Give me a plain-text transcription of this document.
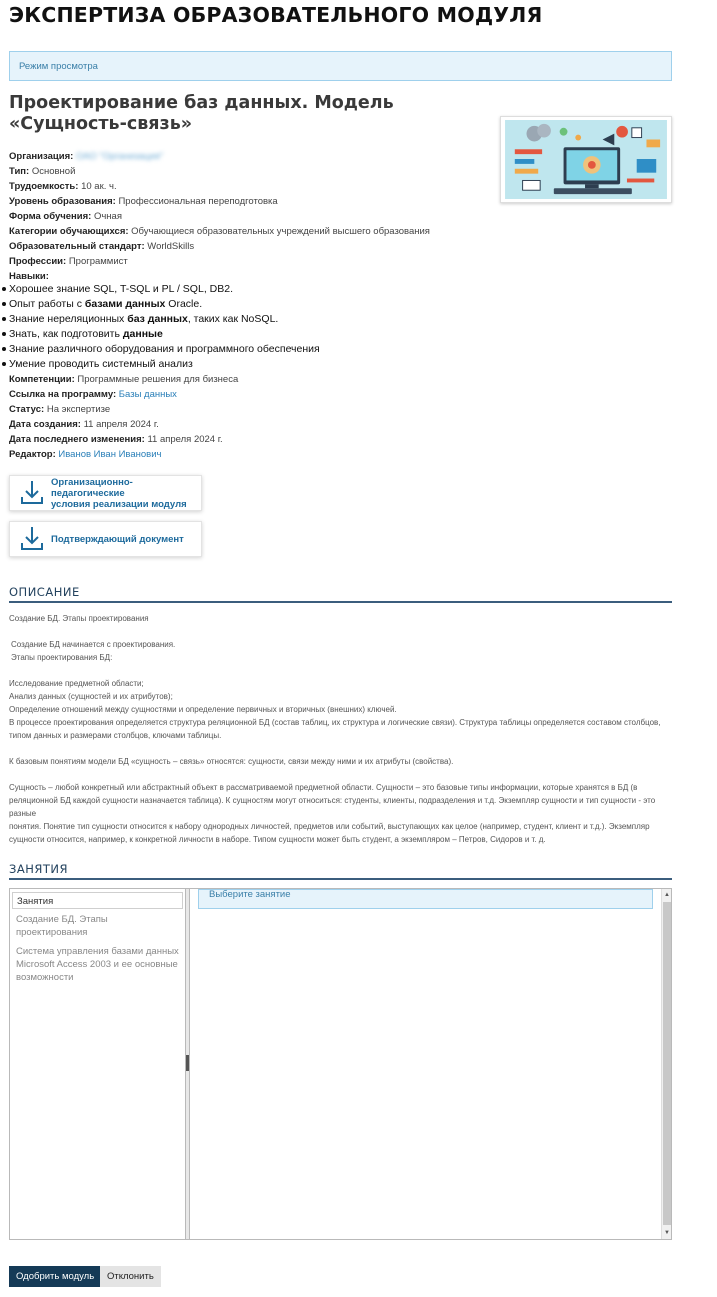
ЭКСПЕРТИЗА ОБРАЗОВАТЕЛЬНОГО МОДУЛЯ
Режим просмотра
Проектирование баз данных. Модель
«Сущность-связь»
Организация: ОАО "Организация"
Тип: Основной
Трудоемкость: 10 ак. ч.
Уровень образования: Профессиональная переподготовка
Форма обучения: Очная
Категории обучающихся: Обучающиеся образовательных учреждений высшего образования
Образовательный стандарт: WorldSkills
Профессии: Программист
Навыки:
Хорошее знание SQL, T-SQL и PL / SQL, DB2.
Опыт работы с базами данных Oracle.
Знание нереляционных баз данных, таких как NoSQL.
Знать, как подготовить данные
Знание различного оборудования и программного обеспечения
Умение проводить системный анализ
Компетенции: Программные решения для бизнеса
Ссылка на программу: Базы данных
Статус: На экспертизе
Дата создания: 11 апреля 2024 г.
Дата последнего изменения: 11 апреля 2024 г.
Редактор: Иванов Иван Иванович
Организационно-педагогические
условия реализации модуля
Подтверждающий документ
ОПИСАНИЕ

Создание БД. Этапы проектирования

Создание БД начинается с проектирования.

Этапы проектирования БД:

Исследование предметной области;

Анализ данных (сущностей и их атрибутов);

Определение отношений между сущностями и определение первичных и вторичных (внешних) ключей.

В процессе проектирования определяется структура реляционной БД (состав таблиц, их структура и логические связи). Структура таблицы определяется составом столбцов,

типом данных и размерами столбцов, ключами таблицы.

К базовым понятиям модели БД «сущность – связь» относятся: сущности, связи между ними и их атрибуты (свойства).

Сущность – любой конкретный или абстрактный объект в рассматриваемой предметной области. Сущности – это базовые типы информации, которые хранятся в БД (в

реляционной БД каждой сущности назначается таблица). К сущностям могут относиться: студенты, клиенты, подразделения и т.д. Экземпляр сущности и тип сущности - это разные

понятия. Понятие тип сущности относится к набору однородных личностей, предметов или событий, выступающих как целое (например, студент, клиент и т.д.). Экземпляр

сущности относится, например, к конкретной личности в наборе. Типом сущности может быть студент, а экземпляром – Петров, Сидоров и т. д.

ЗАНЯТИЯ
Занятия
Создание БД. Этапы проектирования
Система управления базами данных Microsoft Access 2003 и ее основные возможности
Выберите занятие	▲
▼
Одобрить модуль	Отклонить
